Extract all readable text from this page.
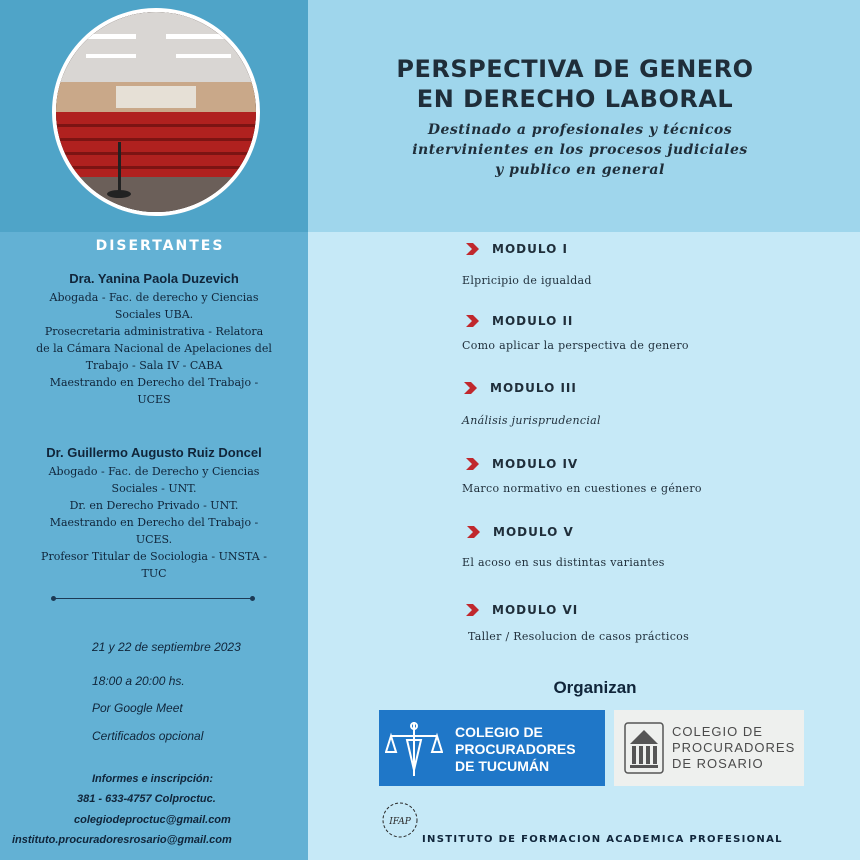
DISERTANTES
Dra. Yanina Paola Duzevich
Abogada - Fac. de derecho y Ciencias
Sociales UBA.
Prosecretaria administrativa - Relatora
de la Cámara Nacional de Apelaciones del
Trabajo - Sala IV - CABA
Maestrando en Derecho del Trabajo -
UCES
Dr. Guillermo Augusto Ruiz Doncel
Abogado - Fac. de Derecho y Ciencias
Sociales - UNT.
Dr. en Derecho Privado - UNT.
Maestrando en Derecho del Trabajo -
UCES.
Profesor Titular de Sociologia - UNSTA -
TUC
21 y 22 de septiembre 2023
18:00 a 20:00 hs.
Por Google Meet
Certificados opcional
Informes e inscripción:
381 - 633-4757 Colproctuc.
colegiodeproctuc@gmail.com
instituto.procuradoresrosario@gmail.com
PERSPECTIVA DE GENERO
EN DERECHO LABORAL
Destinado a profesionales y técnicos
intervinientes en los procesos judiciales
y publico en general
MODULO I
Elpricipio de igualdad
MODULO II
Como aplicar la perspectiva de genero
MODULO III
Análisis jurisprudencial
MODULO IV
Marco normativo en cuestiones e género
MODULO V
El acoso en sus distintas variantes
MODULO VI
Taller / Resolucion de casos prácticos
Organizan
COLEGIO DE
PROCURADORES
DE TUCUMÁN
COLEGIO DE
PROCURADORES
DE ROSARIO
IFAP
INSTITUTO DE FORMACION ACADEMICA PROFESIONAL
